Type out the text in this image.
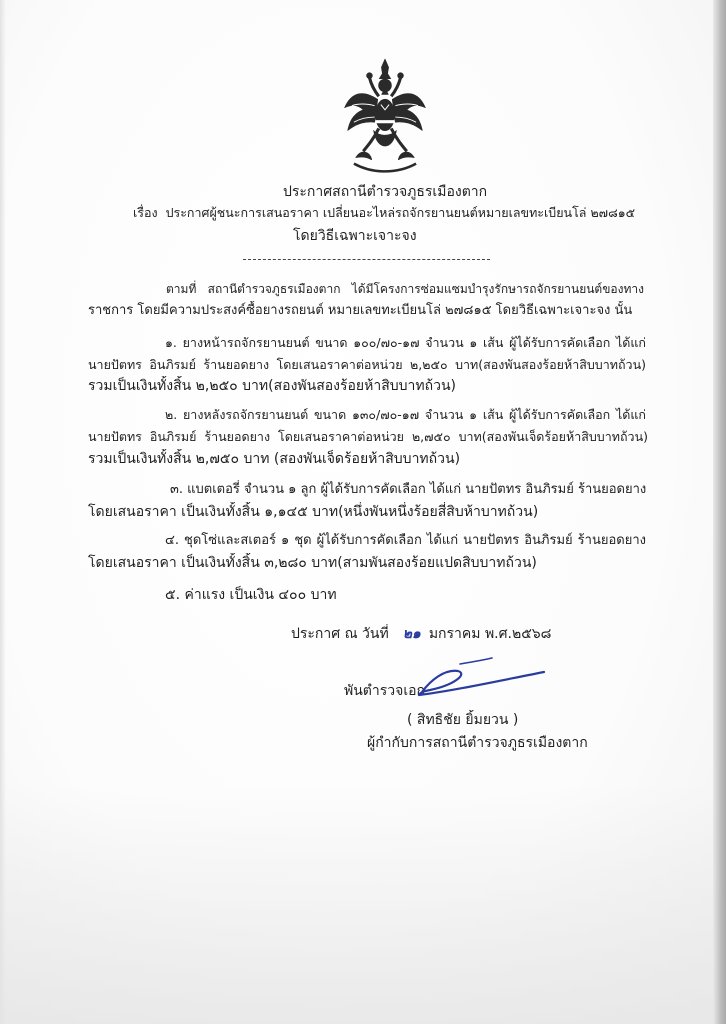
ประกาศสถานีตำรวจภูธรเมืองตาก
เรื่อง ประกาศผู้ชนะการเสนอราคา เปลี่ยนอะไหล่รถจักรยานยนต์หมายเลขทะเบียนโล่ ๒๗๘๑๕
โดยวิธีเฉพาะเจาะจง
ตามที่ สถานีตำรวจภูธรเมืองตาก ได้มีโครงการซ่อมแซมบำรุงรักษารถจักรยานยนต์ของทาง
ราชการ โดยมีความประสงค์ซื้อยางรถยนต์ หมายเลขทะเบียนโล่ ๒๗๘๑๕ โดยวิธีเฉพาะเจาะจง นั้น
๑. ยางหน้ารถจักรยานยนต์ ขนาด ๑๐๐/๗๐-๑๗ จำนวน ๑ เส้น ผู้ได้รับการคัดเลือก ได้แก่
นายปัตทร อินภิรมย์ ร้านยอดยาง โดยเสนอราคาต่อหน่วย ๒,๒๕๐ บาท(สองพันสองร้อยห้าสิบบาทถ้วน)
รวมเป็นเงินทั้งสิ้น ๒,๒๕๐ บาท(สองพันสองร้อยห้าสิบบาทถ้วน)
๒. ยางหลังรถจักรยานยนต์ ขนาด ๑๓๐/๗๐-๑๗ จำนวน ๑ เส้น ผู้ได้รับการคัดเลือก ได้แก่
นายปัตทร อินภิรมย์ ร้านยอดยาง โดยเสนอราคาต่อหน่วย ๒,๗๕๐ บาท(สองพันเจ็ดร้อยห้าสิบบาทถ้วน)
รวมเป็นเงินทั้งสิ้น ๒,๗๕๐ บาท (สองพันเจ็ดร้อยห้าสิบบาทถ้วน)
๓. แบตเตอรี่ จำนวน ๑ ลูก ผู้ได้รับการคัดเลือก ได้แก่ นายปัตทร อินภิรมย์ ร้านยอดยาง
โดยเสนอราคา เป็นเงินทั้งสิ้น ๑,๑๔๕ บาท(หนึ่งพันหนึ่งร้อยสี่สิบห้าบาทถ้วน)
๔. ชุดโซ่และสเตอร์ ๑ ชุด ผู้ได้รับการคัดเลือก ได้แก่ นายปัตทร อินภิรมย์ ร้านยอดยาง
โดยเสนอราคา เป็นเงินทั้งสิ้น ๓,๒๘๐ บาท(สามพันสองร้อยแปดสิบบาทถ้วน)
๕. ค่าแรง เป็นเงิน ๔๐๐ บาท
ประกาศ ณ วันที่ ๒๑ มกราคม พ.ศ.๒๕๖๘
พันตำรวจเอก
( สิทธิชัย ยิ้มยวน )
ผู้กำกับการสถานีตำรวจภูธรเมืองตาก
